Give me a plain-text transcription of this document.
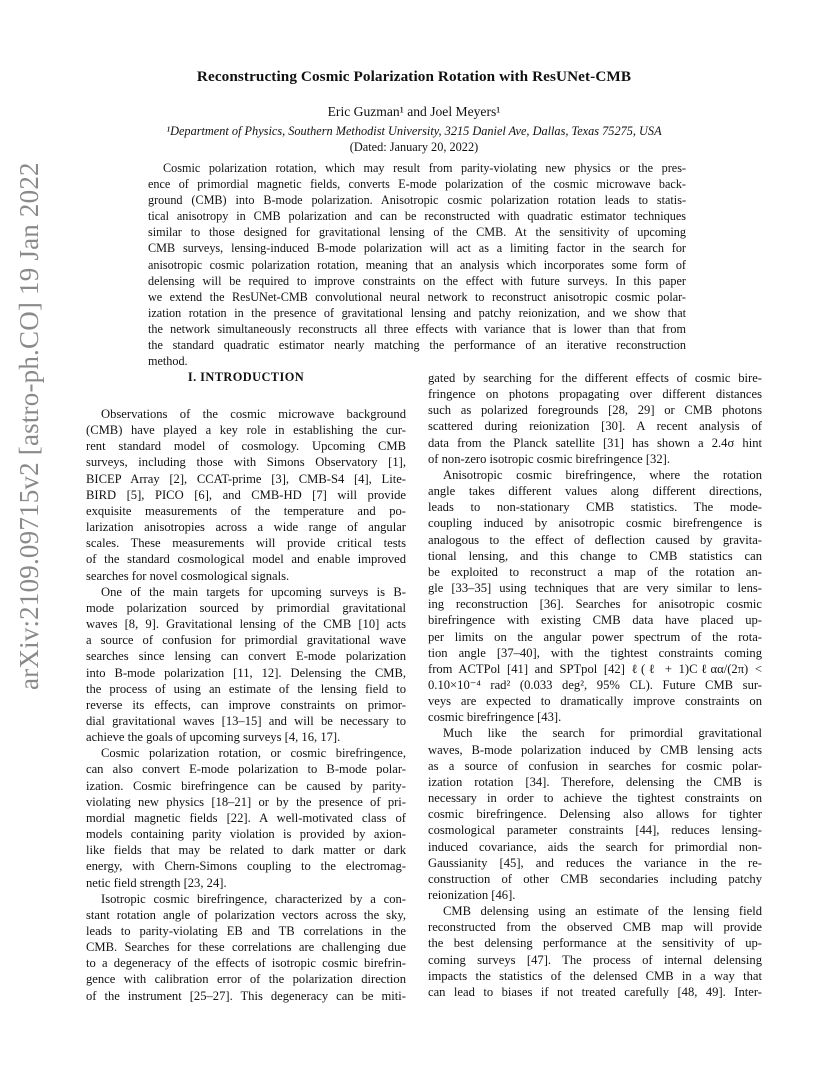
arXiv:2109.09715v2 [astro-ph.CO] 19 Jan 2022
Reconstructing Cosmic Polarization Rotation with ResUNet-CMB
Eric Guzman¹ and Joel Meyers¹
¹Department of Physics, Southern Methodist University, 3215 Daniel Ave, Dallas, Texas 75275, USA
(Dated: January 20, 2022)
Cosmic polarization rotation, which may result from parity-violating new physics or the pres-
ence of primordial magnetic fields, converts E-mode polarization of the cosmic microwave back-
ground (CMB) into B-mode polarization. Anisotropic cosmic polarization rotation leads to statis-
tical anisotropy in CMB polarization and can be reconstructed with quadratic estimator techniques
similar to those designed for gravitational lensing of the CMB. At the sensitivity of upcoming
CMB surveys, lensing-induced B-mode polarization will act as a limiting factor in the search for
anisotropic cosmic polarization rotation, meaning that an analysis which incorporates some form of
delensing will be required to improve constraints on the effect with future surveys. In this paper
we extend the ResUNet-CMB convolutional neural network to reconstruct anisotropic cosmic polar-
ization rotation in the presence of gravitational lensing and patchy reionization, and we show that
the network simultaneously reconstructs all three effects with variance that is lower than that from
the standard quadratic estimator nearly matching the performance of an iterative reconstruction
method.
I. INTRODUCTION
Observations of the cosmic microwave background
(CMB) have played a key role in establishing the cur-
rent standard model of cosmology. Upcoming CMB
surveys, including those with Simons Observatory [1],
BICEP Array [2], CCAT-prime [3], CMB-S4 [4], Lite-
BIRD [5], PICO [6], and CMB-HD [7] will provide
exquisite measurements of the temperature and po-
larization anisotropies across a wide range of angular
scales. These measurements will provide critical tests
of the standard cosmological model and enable improved
searches for novel cosmological signals.
One of the main targets for upcoming surveys is B-
mode polarization sourced by primordial gravitational
waves [8, 9]. Gravitational lensing of the CMB [10] acts
a source of confusion for primordial gravitational wave
searches since lensing can convert E-mode polarization
into B-mode polarization [11, 12]. Delensing the CMB,
the process of using an estimate of the lensing field to
reverse its effects, can improve constraints on primor-
dial gravitational waves [13–15] and will be necessary to
achieve the goals of upcoming surveys [4, 16, 17].
Cosmic polarization rotation, or cosmic birefringence,
can also convert E-mode polarization to B-mode polar-
ization. Cosmic birefringence can be caused by parity-
violating new physics [18–21] or by the presence of pri-
mordial magnetic fields [22]. A well-motivated class of
models containing parity violation is provided by axion-
like fields that may be related to dark matter or dark
energy, with Chern-Simons coupling to the electromag-
netic field strength [23, 24].
Isotropic cosmic birefringence, characterized by a con-
stant rotation angle of polarization vectors across the sky,
leads to parity-violating EB and TB correlations in the
CMB. Searches for these correlations are challenging due
to a degeneracy of the effects of isotropic cosmic birefrin-
gence with calibration error of the polarization direction
of the instrument [25–27]. This degeneracy can be miti-
gated by searching for the different effects of cosmic bire-
fringence on photons propagating over different distances
such as polarized foregrounds [28, 29] or CMB photons
scattered during reionization [30]. A recent analysis of
data from the Planck satellite [31] has shown a 2.4σ hint
of non-zero isotropic cosmic birefringence [32].
Anisotropic cosmic birefringence, where the rotation
angle takes different values along different directions,
leads to non-stationary CMB statistics. The mode-
coupling induced by anisotropic cosmic birefrengence is
analogous to the effect of deflection caused by gravita-
tional lensing, and this change to CMB statistics can
be exploited to reconstruct a map of the rotation an-
gle [33–35] using techniques that are very similar to lens-
ing reconstruction [36]. Searches for anisotropic cosmic
birefringence with existing CMB data have placed up-
per limits on the angular power spectrum of the rota-
tion angle [37–40], with the tightest constraints coming
from ACTPol [41] and SPTpol [42] ℓ(ℓ + 1)Cℓαα/(2π) <
0.10×10⁻⁴ rad² (0.033 deg², 95% CL). Future CMB sur-
veys are expected to dramatically improve constraints on
cosmic birefringence [43].
Much like the search for primordial gravitational
waves, B-mode polarization induced by CMB lensing acts
as a source of confusion in searches for cosmic polar-
ization rotation [34]. Therefore, delensing the CMB is
necessary in order to achieve the tightest constraints on
cosmic birefringence. Delensing also allows for tighter
cosmological parameter constraints [44], reduces lensing-
induced covariance, aids the search for primordial non-
Gaussianity [45], and reduces the variance in the re-
construction of other CMB secondaries including patchy
reionization [46].
CMB delensing using an estimate of the lensing field
reconstructed from the observed CMB map will provide
the best delensing performance at the sensitivity of up-
coming surveys [47]. The process of internal delensing
impacts the statistics of the delensed CMB in a way that
can lead to biases if not treated carefully [48, 49]. Inter-
